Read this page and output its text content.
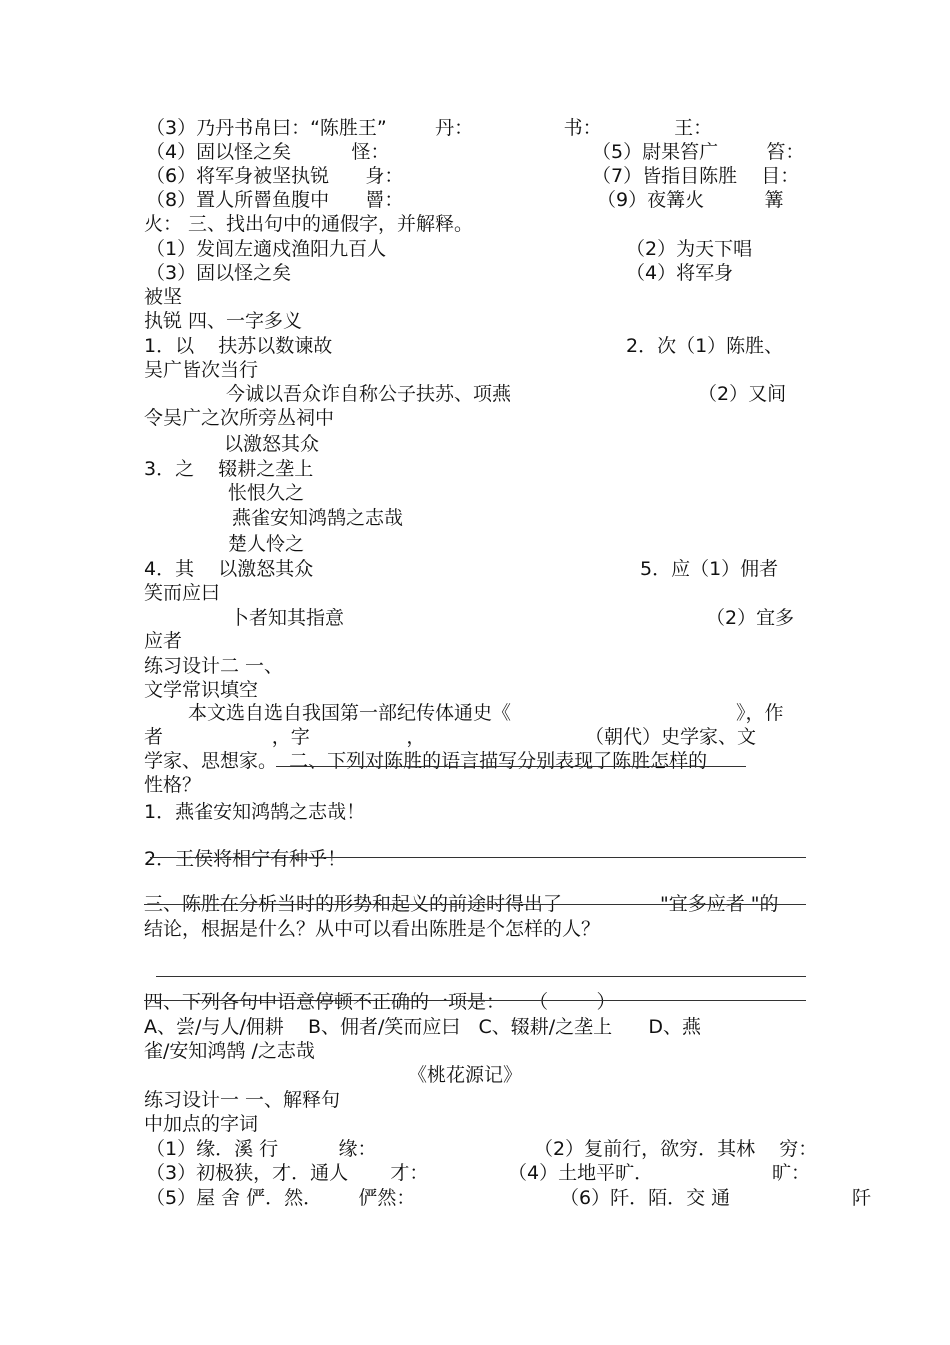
（3）乃丹书帛曰：“陈胜王”        丹：               书：            王：
（4）固以怪之矣          怪：	（5）尉果笞广        笞：
（6）将军身被坚执锐      身：	（7）皆指目陈胜    目：
（8）置人所罾鱼腹中      罾：	（9）夜篝火          篝
火： 三、找出句中的通假字，并解释。
（1）发闾左適戍渔阳九百人	（2）为天下唱
（3）固以怪之矣	（4）将军身
被坚
执锐 四、一字多义
1．以    扶苏以数谏故	2．次（1）陈胜、
吴广皆次当行
今诚以吾众诈自称公子扶苏、项燕	（2）又间
令吴广之次所旁丛祠中
以激怒其众
3．之    辍耕之垄上
怅恨久之
燕雀安知鸿鹄之志哉
楚人怜之
4．其    以激怒其众	5．应（1）佣者
笑而应曰
卜者知其指意	（2）宜多
应者
练习设计二 一、
文学常识填空
本文选自选自我国第一部纪传体通史《	》，作
者                  ，字                ，	（朝代）史学家、文
学家、思想家。  二、下列对陈胜的语言描写分别表现了陈胜怎样的
性格？
1．燕雀安知鸿鹄之志哉！
2．王侯将相宁有种乎！
三、陈胜在分析当时的形势和起义的前途时得出了	"宜多应者 "的
结论，根据是什么？从中可以看出陈胜是个怎样的人？
四、下列各句中语意停顿不正确的一项是：    （        ）
A、尝/与人/佣耕    B、佣者/笑而应曰   C、辍耕/之垄上      D、燕
雀/安知鸿鹄 /之志哉
《桃花源记》
练习设计一 一、解释句
中加点的字词
（1）缘．溪 行          缘：	（2）复前行，欲穷．其林    穷：
（3）初极狭，才．通人       才：	（4）土地平旷．	旷：
（5）屋 舍 俨．然．      俨然：	（6）阡．陌．交 通	阡
